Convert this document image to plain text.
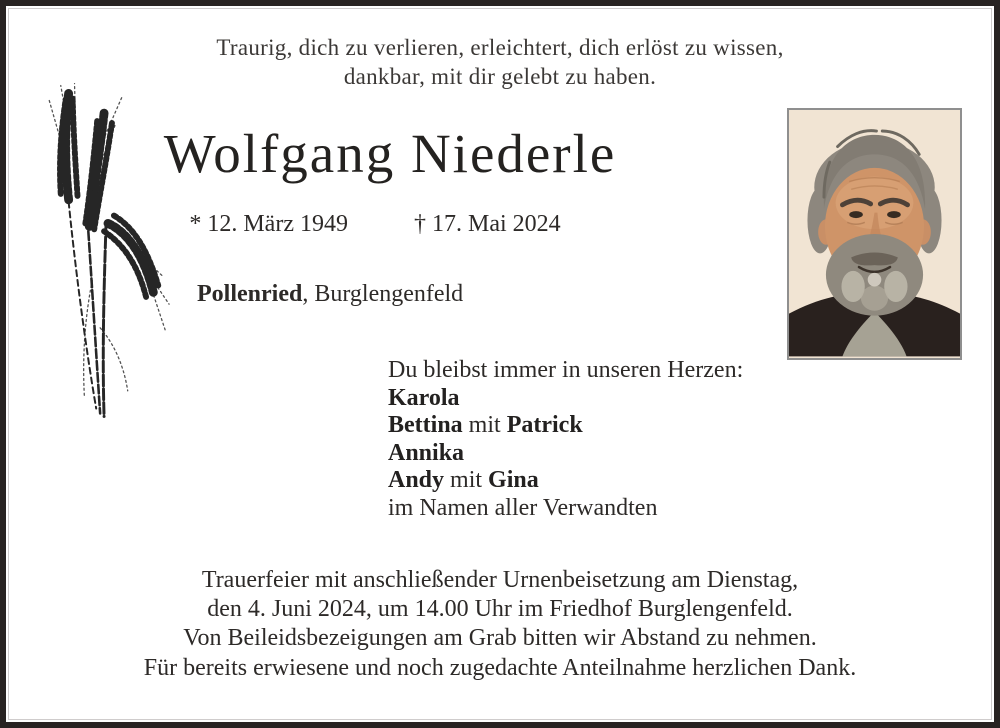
Traurig, dich zu verlieren, erleichtert, dich erlöst zu wissen,
dankbar, mit dir gelebt zu haben.
Wolfgang Niederle
* 12. März 1949	† 17. Mai 2024
Pollenried, Burglengenfeld
Du bleibst immer in unseren Herzen:
Karola
Bettina mit Patrick
Annika
Andy mit Gina
im Namen aller Verwandten
Trauerfeier mit anschließender Urnenbeisetzung am Dienstag,
den 4. Juni 2024, um 14.00 Uhr im Friedhof Burglengenfeld.
Von Beileidsbezeigungen am Grab bitten wir Abstand zu nehmen.
Für bereits erwiesene und noch zugedachte Anteilnahme herzlichen Dank.
